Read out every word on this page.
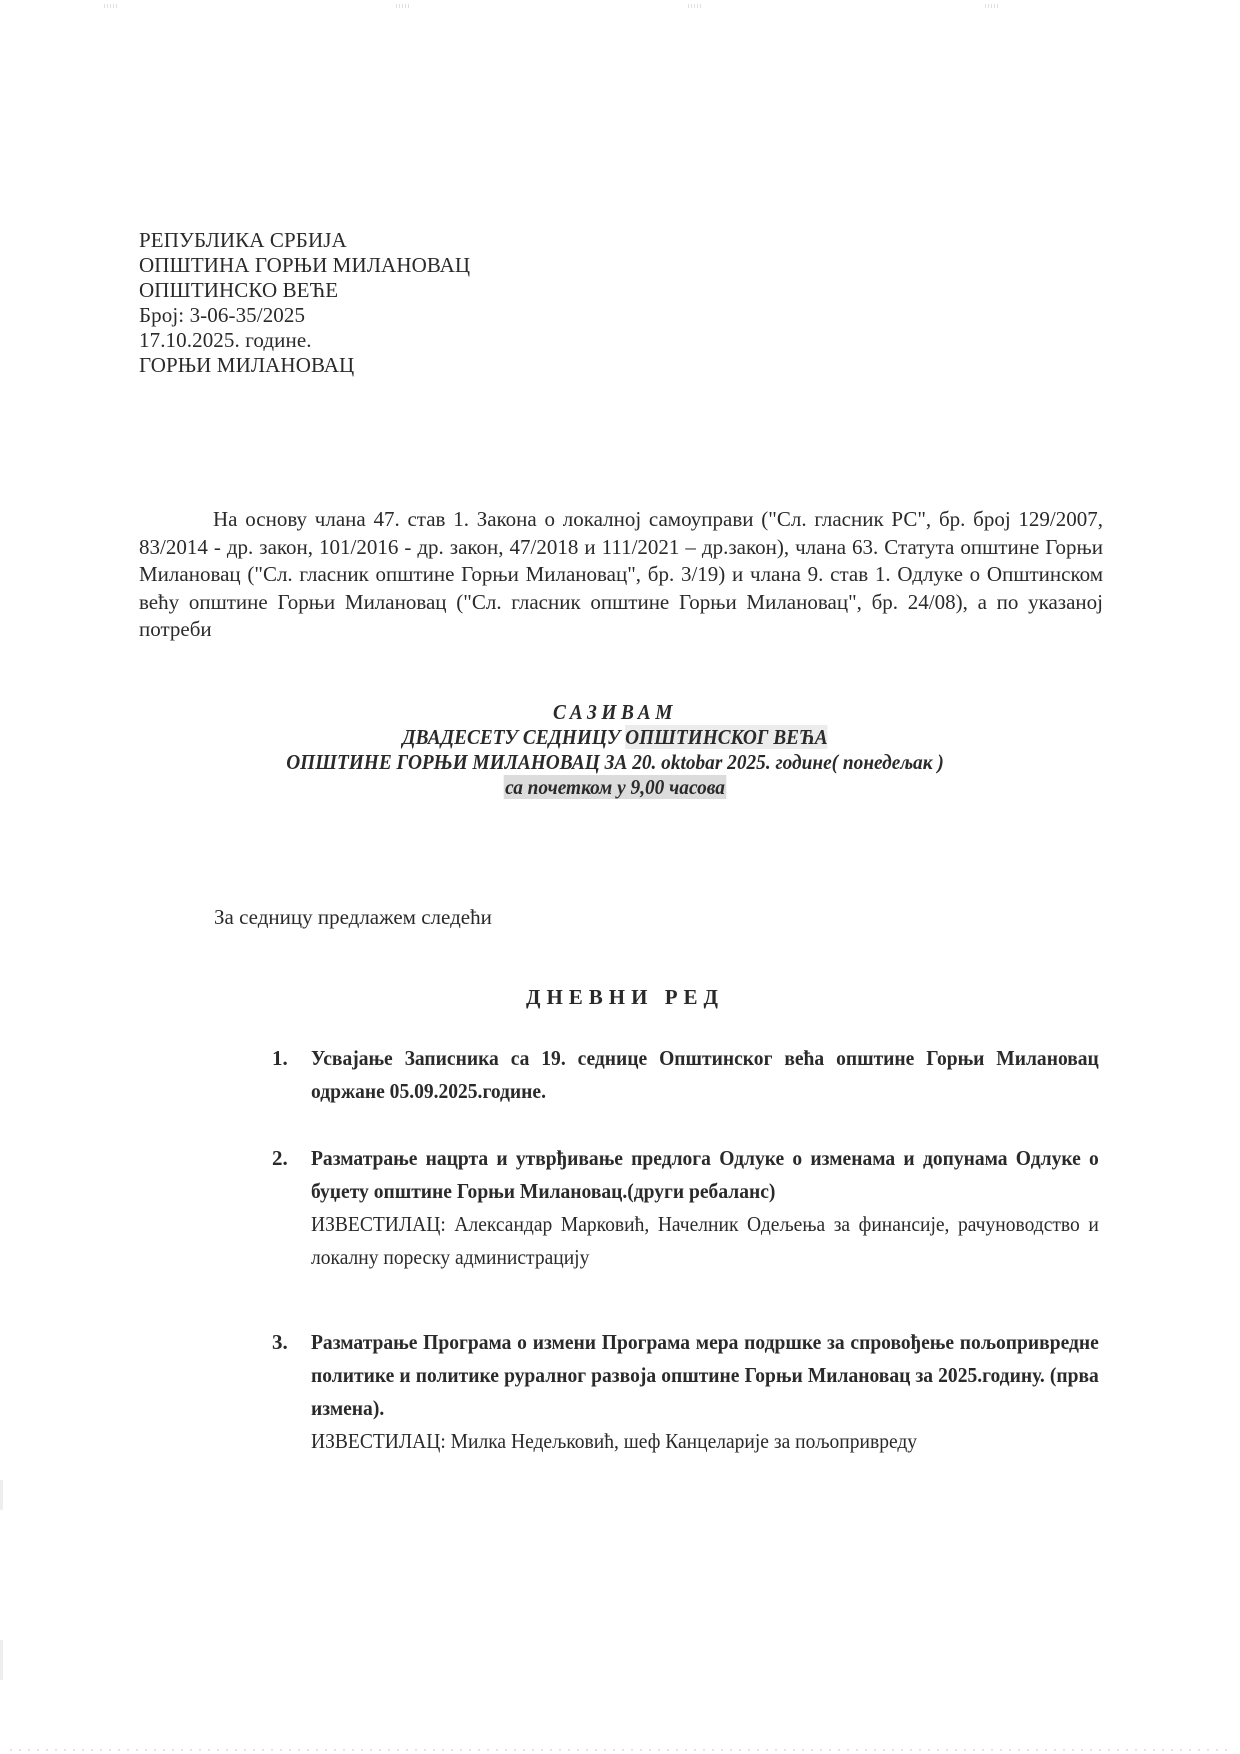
РЕПУБЛИКА СРБИЈА
ОПШТИНА ГОРЊИ МИЛАНОВАЦ
ОПШТИНСКО ВЕЋЕ
Број: 3-06-35/2025
17.10.2025. године.
ГОРЊИ МИЛАНОВАЦ

На основу члана 47. став 1. Закона о локалној самоуправи ("Сл. гласник РС", бр. број 129/2007, 83/2014 - др. закон, 101/2016 - др. закон, 47/2018 и 111/2021 – др.закон), члана 63. Статута општине Горњи Милановац ("Сл. гласник општине Горњи Милановац", бр. 3/19) и члана 9. став 1. Одлуке о Општинском већу општине Горњи Милановац ("Сл. гласник општине Горњи Милановац", бр. 24/08), а по указаној потреби

САЗИВАМ
ДВАДЕСЕТУ СЕДНИЦУ ОПШТИНСКОГ ВЕЋА
ОПШТИНЕ ГОРЊИ МИЛАНОВАЦ ЗА 20. oktobar 2025. године( понедељак )
са почетком у 9,00 часова
За седницу предлажем следећи
ДНЕВНИ РЕД
1. Усвајање Записника са 19. седнице Општинског већа општине Горњи Милановац одржане 05.09.2025.године.
2. Разматрање нацрта и утврђивање предлога Одлуке о изменама и допунама Одлуке о буџету општине Горњи Милановац.(други ребаланс)
ИЗВЕСТИЛАЦ: Александар Марковић, Начелник Одељења за финансије, рачуноводство и локалну пореску администрацију
3. Разматрање Програма о измени Програма мера подршке за спровођење пољопривредне политике и политике руралног развоја општине Горњи Милановац за 2025.годину. (прва измена).
ИЗВЕСТИЛАЦ: Милка Недељковић, шеф Канцеларије за пољопривреду
